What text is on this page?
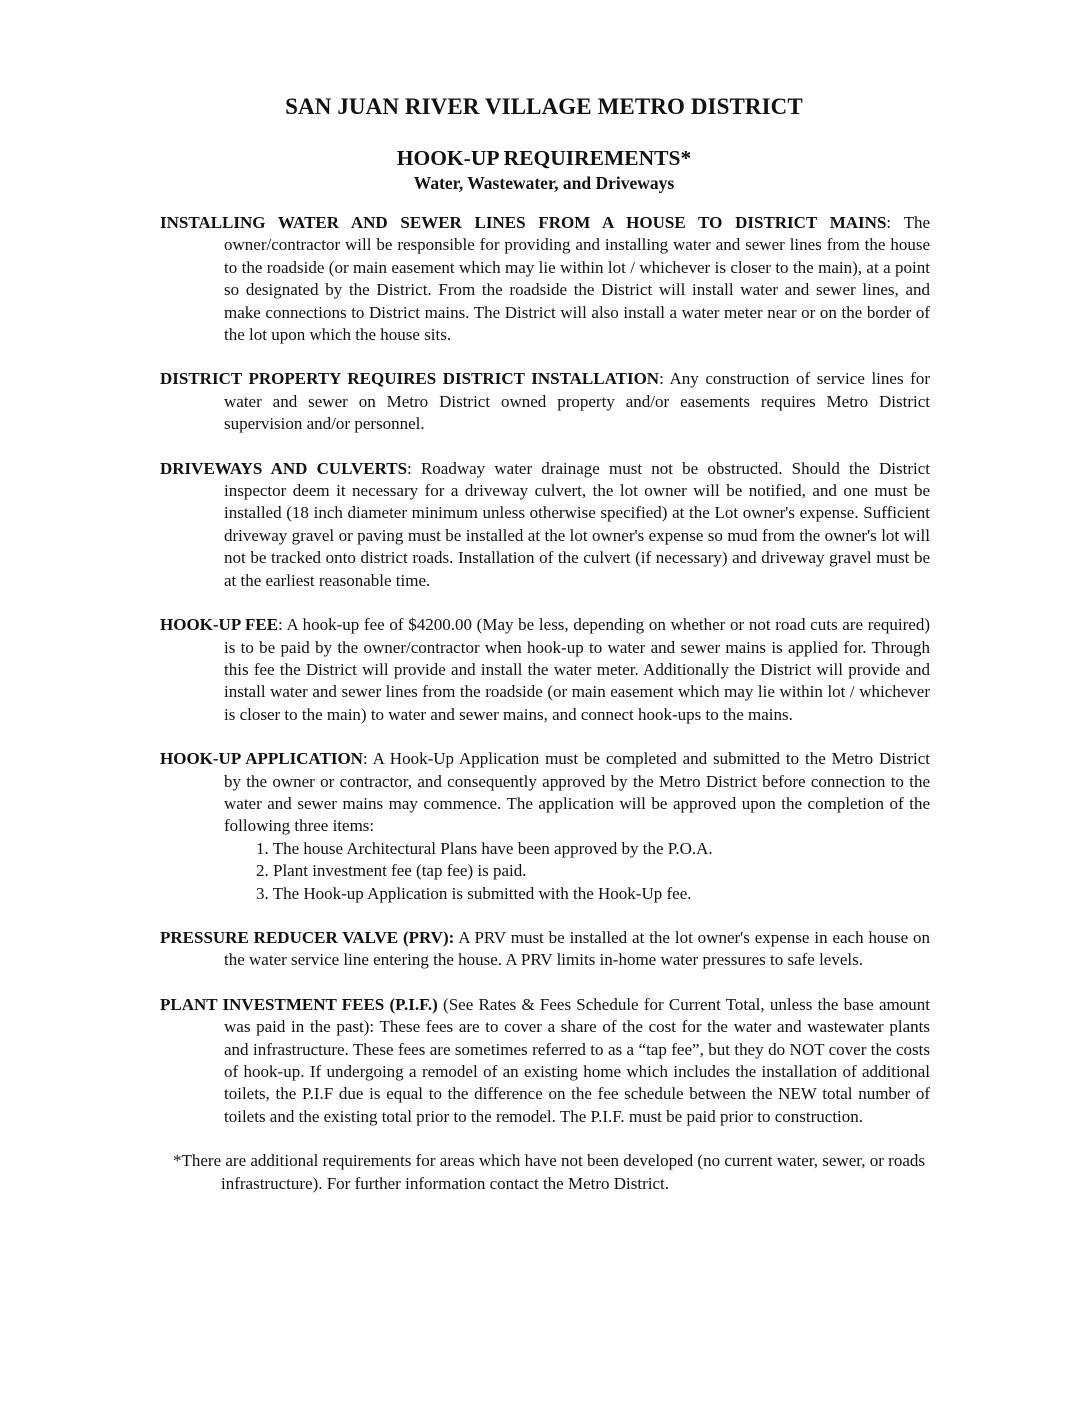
SAN JUAN RIVER VILLAGE METRO DISTRICT
HOOK-UP REQUIREMENTS*
Water, Wastewater, and Driveways

INSTALLING WATER AND SEWER LINES FROM A HOUSE TO DISTRICT MAINS: The owner/contractor will be responsible for providing and installing water and sewer lines from the house to the roadside (or main easement which may lie within lot / whichever is closer to the main), at a point so designated by the District. From the roadside the District will install water and sewer lines, and make connections to District mains. The District will also install a water meter near or on the border of the lot upon which the house sits.

DISTRICT PROPERTY REQUIRES DISTRICT INSTALLATION: Any construction of service lines for water and sewer on Metro District owned property and/or easements requires Metro District supervision and/or personnel.

DRIVEWAYS AND CULVERTS: Roadway water drainage must not be obstructed. Should the District inspector deem it necessary for a driveway culvert, the lot owner will be notified, and one must be installed (18 inch diameter minimum unless otherwise specified) at the Lot owner's expense. Sufficient driveway gravel or paving must be installed at the lot owner's expense so mud from the owner's lot will not be tracked onto district roads. Installation of the culvert (if necessary) and driveway gravel must be at the earliest reasonable time.

HOOK-UP FEE: A hook-up fee of $4200.00 (May be less, depending on whether or not road cuts are required) is to be paid by the owner/contractor when hook-up to water and sewer mains is applied for. Through this fee the District will provide and install the water meter. Additionally the District will provide and install water and sewer lines from the roadside (or main easement which may lie within lot / whichever is closer to the main) to water and sewer mains, and connect hook-ups to the mains.

HOOK-UP APPLICATION: A Hook-Up Application must be completed and submitted to the Metro District by the owner or contractor, and consequently approved by the Metro District before connection to the water and sewer mains may commence. The application will be approved upon the completion of the following three items:

1. The house Architectural Plans have been approved by the P.O.A.
2. Plant investment fee (tap fee) is paid.
3. The Hook-up Application is submitted with the Hook-Up fee.

PRESSURE REDUCER VALVE (PRV): A PRV must be installed at the lot owner's expense in each house on the water service line entering the house. A PRV limits in-home water pressures to safe levels.

PLANT INVESTMENT FEES (P.I.F.) (See Rates & Fees Schedule for Current Total, unless the base amount was paid in the past): These fees are to cover a share of the cost for the water and wastewater plants and infrastructure. These fees are sometimes referred to as a “tap fee”, but they do NOT cover the costs of hook-up. If undergoing a remodel of an existing home which includes the installation of additional toilets, the P.I.F due is equal to the difference on the fee schedule between the NEW total number of toilets and the existing total prior to the remodel. The P.I.F. must be paid prior to construction.

*There are additional requirements for areas which have not been developed (no current water, sewer, or roads infrastructure). For further information contact the Metro District.
